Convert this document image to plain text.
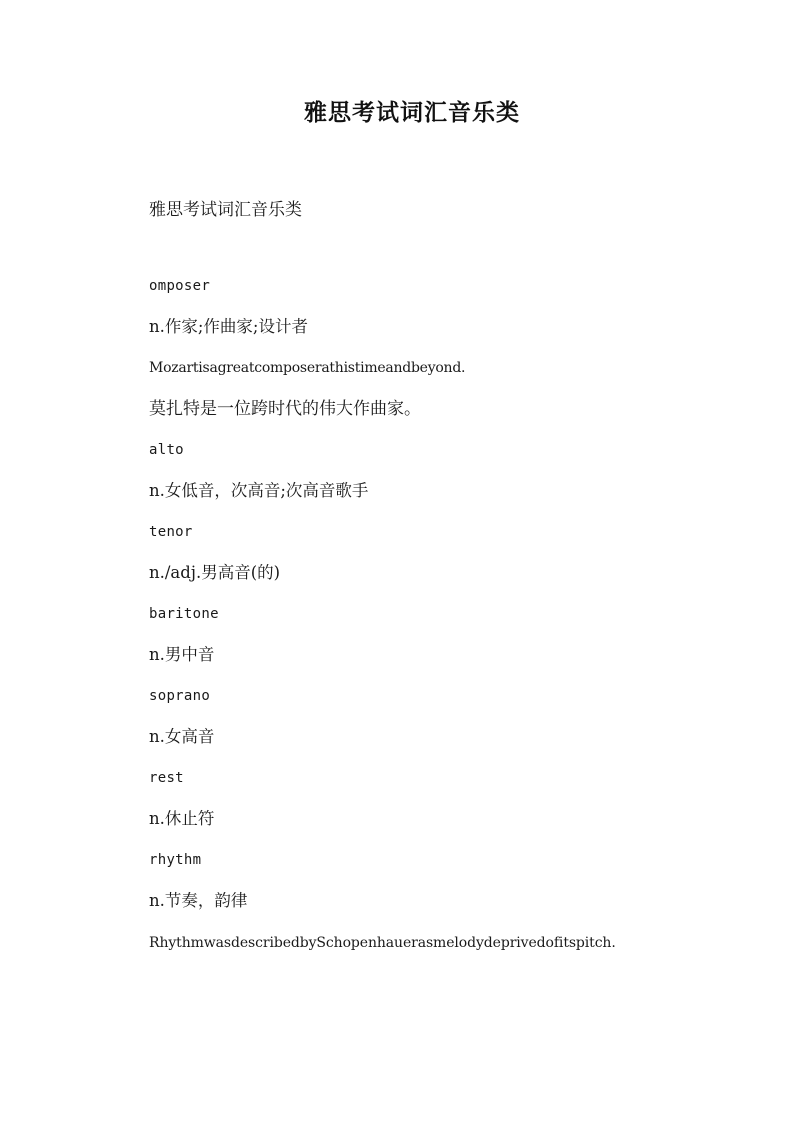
雅思考试词汇音乐类
雅思考试词汇音乐类
omposer
n.作家;作曲家;设计者
Mozartisagreatcomposerathistimeandbeyond.
莫扎特是一位跨时代的伟大作曲家。
alto
n.女低音，次高音;次高音歌手
tenor
n./adj.男高音(的)
baritone
n.男中音
soprano
n.女高音
rest
n.休止符
rhythm
n.节奏，韵律
RhythmwasdescribedbySchopenhauerasmelodydeprivedofitspitch.
